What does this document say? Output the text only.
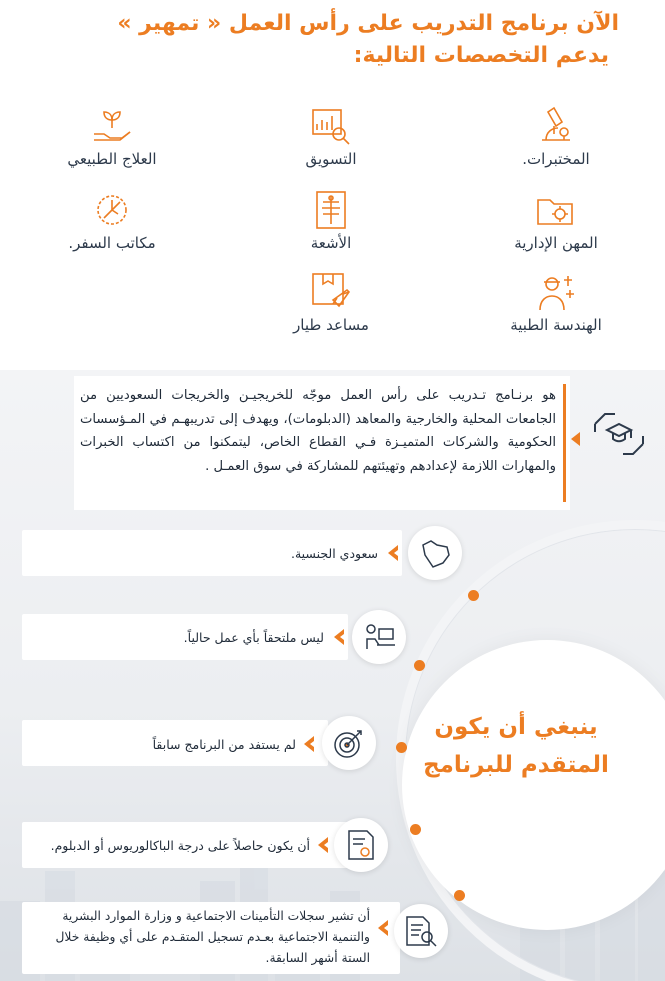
الآن برنامج التدريب على رأس العمل « تمهير »
يدعم التخصصات التالية:
المختبرات.
التسويق
العلاج الطبيعي
المهن الإدارية
الأشعة
مكاتب السفر.
الهندسة الطبية
مساعد طيار
هو برنـامج تـدريب على رأس العمل موجّه للخريجيـن والخريجات السعوديين من الجامعات المحلية والخارجية والمعاهد (الدبلومات)، ويهدف إلى تدريبهـم في المـؤسسات الحكومية والشركات المتميـزة فـي القطاع الخاص، ليتمكنوا من اكتساب الخبرات والمهارات اللازمة لإعدادهم وتهيئتهم للمشاركة في سوق العمـل .
ينبغي أن يكون
المتقدم للبرنامج
سعودي الجنسية.
ليس ملتحقاً بأي عمل حالياً.
لم يستفد من البرنامج سابقاً
أن يكون حاصلاً على درجة الباكالوريوس أو الدبلوم.
أن تشير سجلات التأمينات الاجتماعية و وزارة الموارد البشرية والتنمية الاجتماعية بعـدم تسجيل المتقـدم على أي وظيفة خلال الستة أشهر السابقة.
